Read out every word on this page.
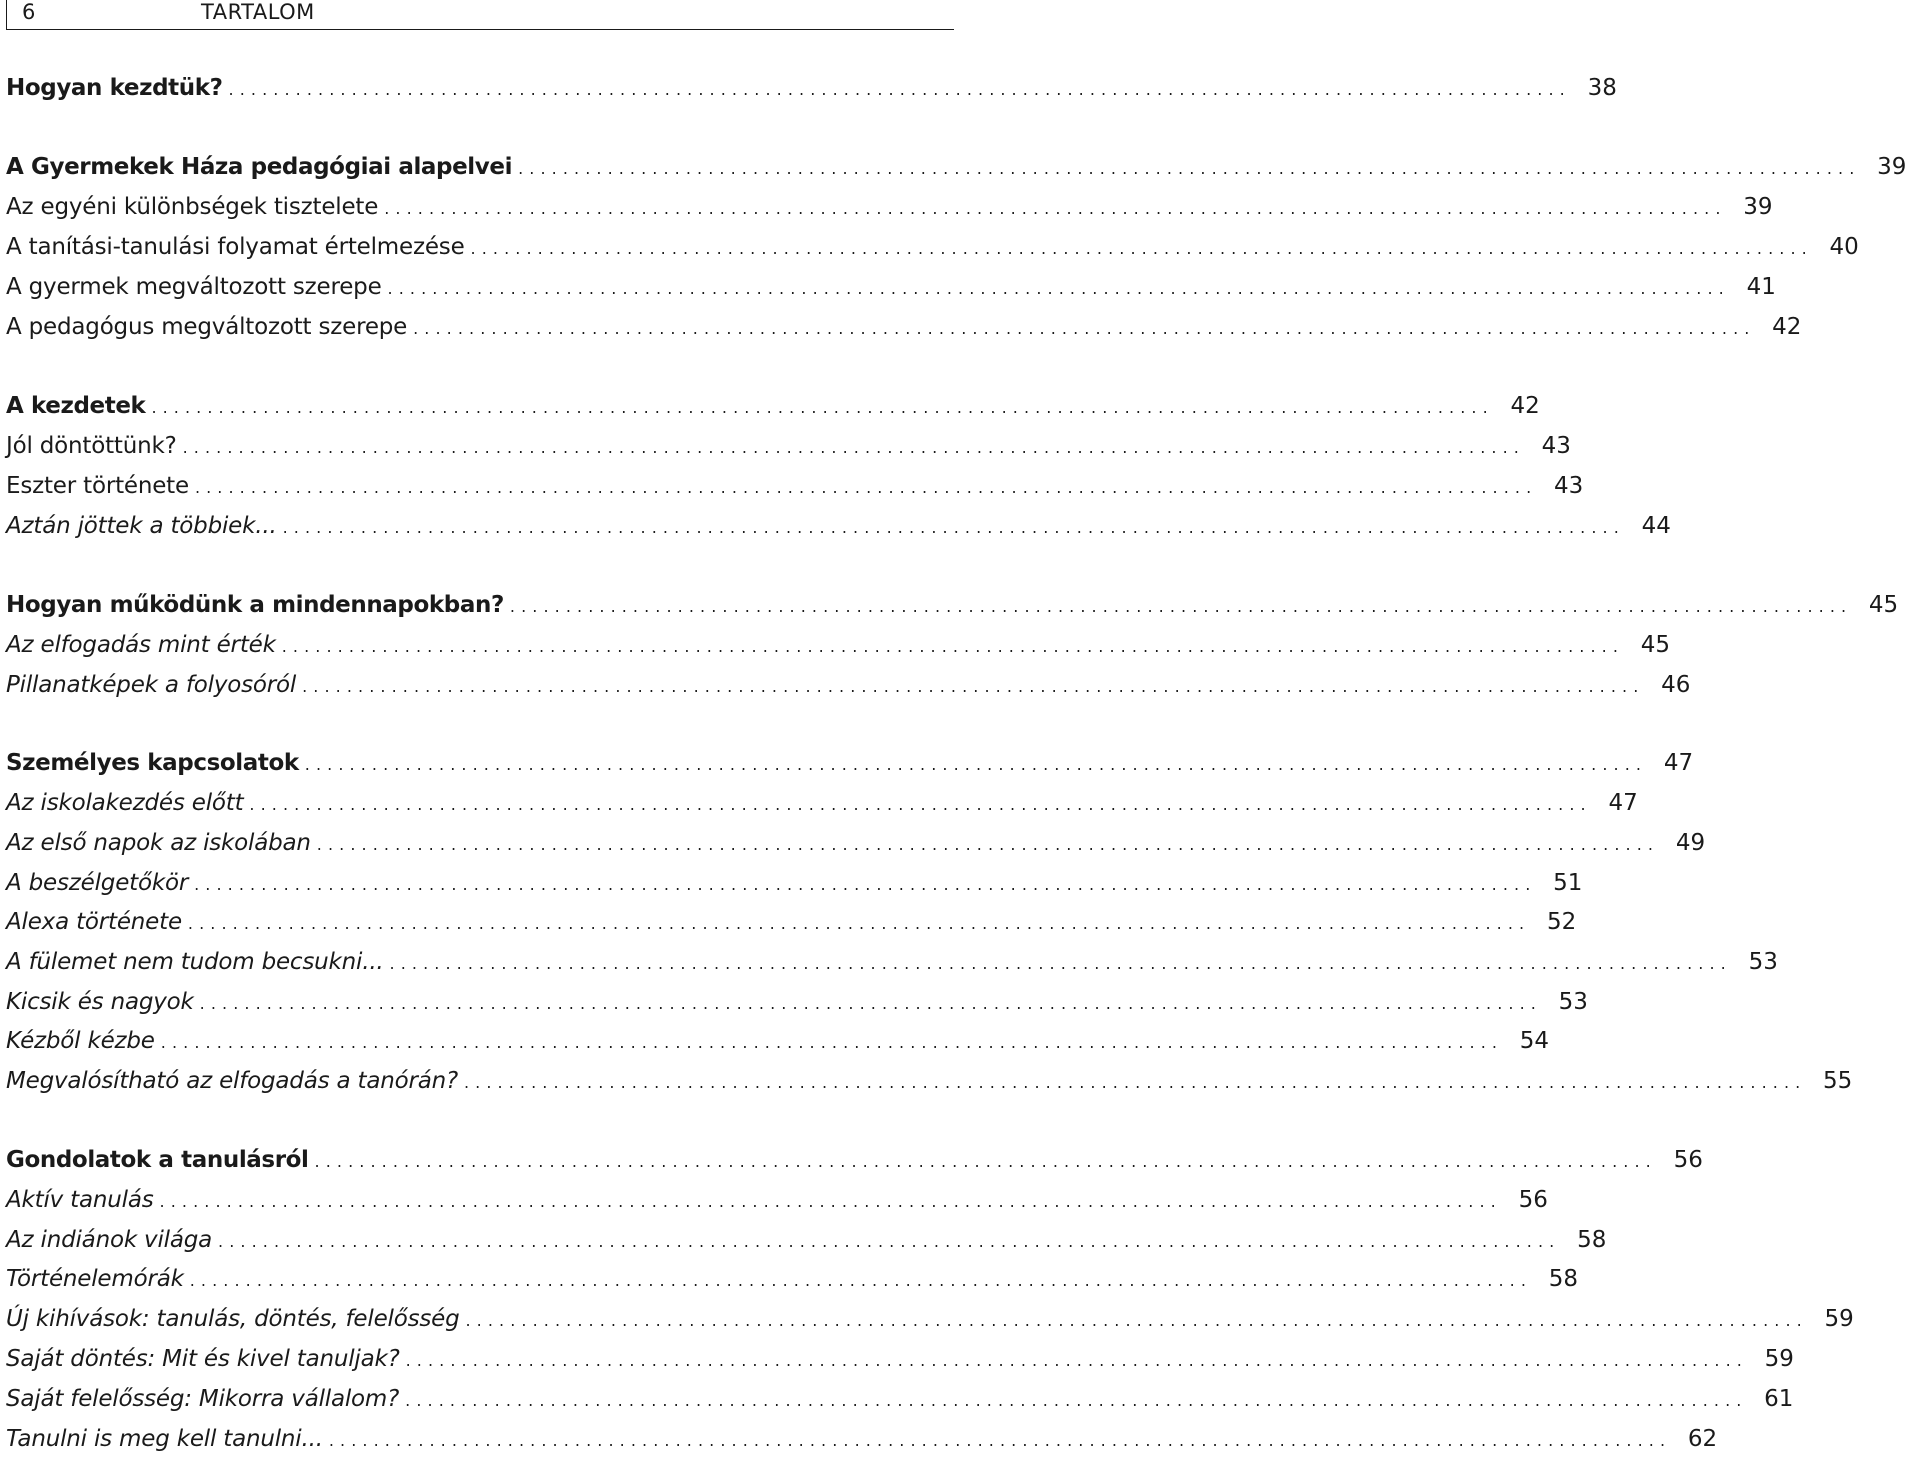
6	TARTALOM
Hogyan kezdtük? ........................................................................................................................ 38
A Gyermekek Háza pedagógiai alapelvei ........................................................................................................................ 39
Az egyéni különbségek tisztelete ........................................................................................................................ 39
A tanítási-tanulási folyamat értelmezése ........................................................................................................................ 40
A gyermek megváltozott szerepe ........................................................................................................................ 41
A pedagógus megváltozott szerepe ........................................................................................................................ 42
A kezdetek ........................................................................................................................ 42
Jól döntöttünk? ........................................................................................................................ 43
Eszter története ........................................................................................................................ 43
Aztán jöttek a többiek... ........................................................................................................................ 44
Hogyan működünk a mindennapokban? ........................................................................................................................ 45
Az elfogadás mint érték ........................................................................................................................ 45
Pillanatképek a folyosóról ........................................................................................................................ 46
Személyes kapcsolatok ........................................................................................................................ 47
Az iskolakezdés előtt ........................................................................................................................ 47
Az első napok az iskolában ........................................................................................................................ 49
A beszélgetőkör ........................................................................................................................ 51
Alexa története ........................................................................................................................ 52
A fülemet nem tudom becsukni... ........................................................................................................................ 53
Kicsik és nagyok ........................................................................................................................ 53
Kézből kézbe ........................................................................................................................ 54
Megvalósítható az elfogadás a tanórán? ........................................................................................................................ 55
Gondolatok a tanulásról ........................................................................................................................ 56
Aktív tanulás ........................................................................................................................ 56
Az indiánok világa ........................................................................................................................ 58
Történelemórák ........................................................................................................................ 58
Új kihívások: tanulás, döntés, felelősség ........................................................................................................................ 59
Saját döntés: Mit és kivel tanuljak? ........................................................................................................................ 59
Saját felelősség: Mikorra vállalom? ........................................................................................................................ 61
Tanulni is meg kell tanulni... ........................................................................................................................ 62
